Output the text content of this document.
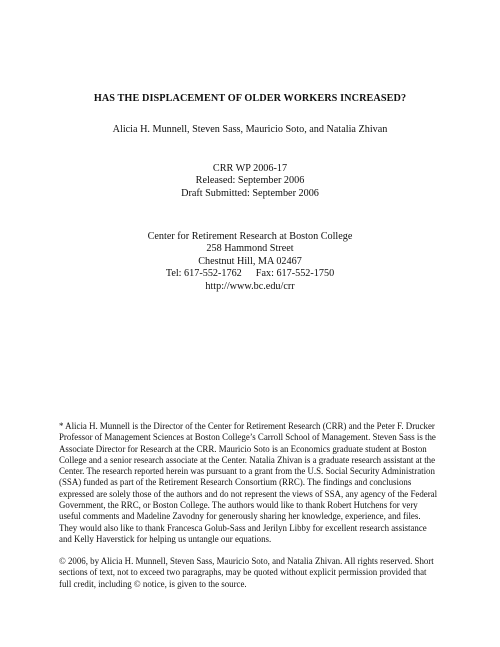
HAS THE DISPLACEMENT OF OLDER WORKERS INCREASED?
Alicia H. Munnell, Steven Sass, Mauricio Soto, and Natalia Zhivan
CRR WP 2006-17
Released: September 2006
Draft Submitted: September 2006
Center for Retirement Research at Boston College
258 Hammond Street
Chestnut Hill, MA 02467
Tel: 617-552-1762 Fax: 617-552-1750
http://www.bc.edu/crr
* Alicia H. Munnell is the Director of the Center for Retirement Research (CRR) and the Peter F. Drucker
Professor of Management Sciences at Boston College’s Carroll School of Management. Steven Sass is the
Associate Director for Research at the CRR. Mauricio Soto is an Economics graduate student at Boston
College and a senior research associate at the Center. Natalia Zhivan is a graduate research assistant at the
Center. The research reported herein was pursuant to a grant from the U.S. Social Security Administration
(SSA) funded as part of the Retirement Research Consortium (RRC). The findings and conclusions
expressed are solely those of the authors and do not represent the views of SSA, any agency of the Federal
Government, the RRC, or Boston College. The authors would like to thank Robert Hutchens for very
useful comments and Madeline Zavodny for generously sharing her knowledge, experience, and files.
They would also like to thank Francesca Golub-Sass and Jerilyn Libby for excellent research assistance
and Kelly Haverstick for helping us untangle our equations.
© 2006, by Alicia H. Munnell, Steven Sass, Mauricio Soto, and Natalia Zhivan. All rights reserved. Short
sections of text, not to exceed two paragraphs, may be quoted without explicit permission provided that
full credit, including © notice, is given to the source.
